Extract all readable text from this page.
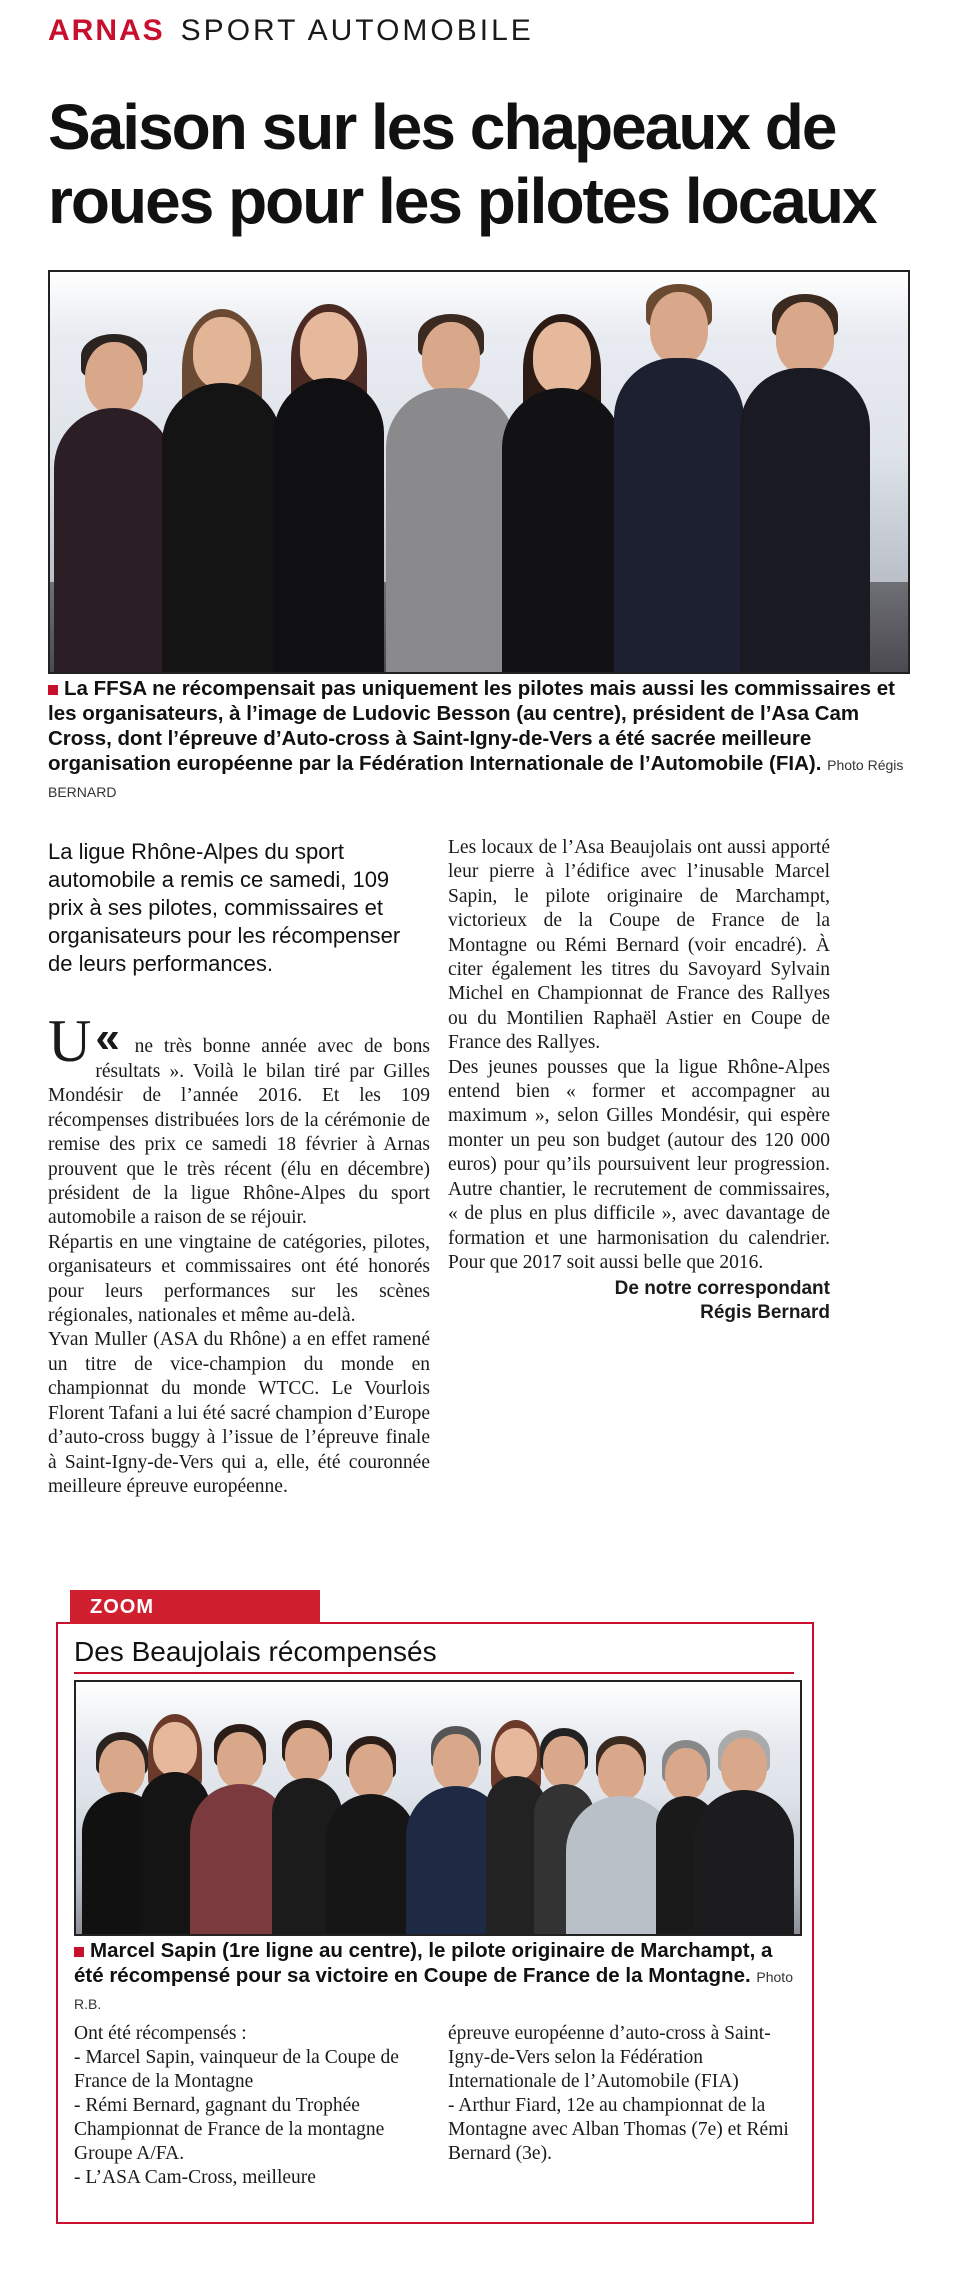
ARNAS SPORT AUTOMOBILE
Saison sur les chapeaux de roues pour les pilotes locaux
La FFSA ne récompensait pas uniquement les pilotes mais aussi les commissaires et les organisateurs, à l’image de Ludovic Besson (au centre), président de l’Asa Cam Cross, dont l’épreuve d’Auto-cross à Saint-Igny-de-Vers a été sacrée meilleure organisation européenne par la Fédération Internationale de l’Automobile (FIA). Photo Régis BERNARD
La ligue Rhône-Alpes du sport automobile a remis ce samedi, 109 prix à ses pilotes, commissaires et organisateurs pour les récompenser de leurs performances.

«
U ne très bonne année avec de bons résultats ». Voilà le bilan tiré par Gilles Mondésir de l’année 2016. Et les 109 récompenses distribuées lors de la cérémonie de remise des prix ce samedi 18 février à Arnas prouvent que le très récent (élu en décembre) président de la ligue Rhône-Alpes du sport automobile a raison de se réjouir.

Répartis en une vingtaine de catégories, pilotes, organisateurs et commissaires ont été honorés pour leurs performances sur les scènes régionales, nationales et même au-delà.

Yvan Muller (ASA du Rhône) a en effet ramené un titre de vice-champion du monde en championnat du monde WTCC. Le Vourlois Florent Tafani a lui été sacré champion d’Europe d’auto-cross buggy à l’issue de l’épreuve finale à Saint-Igny-de-Vers qui a, elle, été couronnée meilleure épreuve européenne.

Les locaux de l’Asa Beaujolais ont aussi apporté leur pierre à l’édifice avec l’inusable Marcel Sapin, le pilote originaire de Marchampt, victorieux de la Coupe de France de la Montagne ou Rémi Bernard (voir encadré). À citer également les titres du Savoyard Sylvain Michel en Championnat de France des Rallyes ou du Montilien Raphaël Astier en Coupe de France des Rallyes.

Des jeunes pousses que la ligue Rhône-Alpes entend bien « former et accompagner au maximum », selon Gilles Mondésir, qui espère monter un peu son budget (autour des 120 000 euros) pour qu’ils poursuivent leur progression. Autre chantier, le recrutement de commissaires, « de plus en plus difficile », avec davantage de formation et une harmonisation du calendrier. Pour que 2017 soit aussi belle que 2016.

De notre correspondant
Régis Bernard
ZOOM
Des Beaujolais récompensés
Marcel Sapin (1re ligne au centre), le pilote originaire de Marchampt, a été récompensé pour sa victoire en Coupe de France de la Montagne. Photo R.B.
Ont été récompensés :
- Marcel Sapin, vainqueur de la Coupe de France de la Montagne
- Rémi Bernard, gagnant du Trophée Championnat de France de la montagne Groupe A/FA.
- L’ASA Cam-Cross, meilleure
épreuve européenne d’auto-cross à Saint-Igny-de-Vers selon la Fédération Internationale de l’Automobile (FIA)
- Arthur Fiard, 12e au championnat de la Montagne avec Alban Thomas (7e) et Rémi Bernard (3e).
